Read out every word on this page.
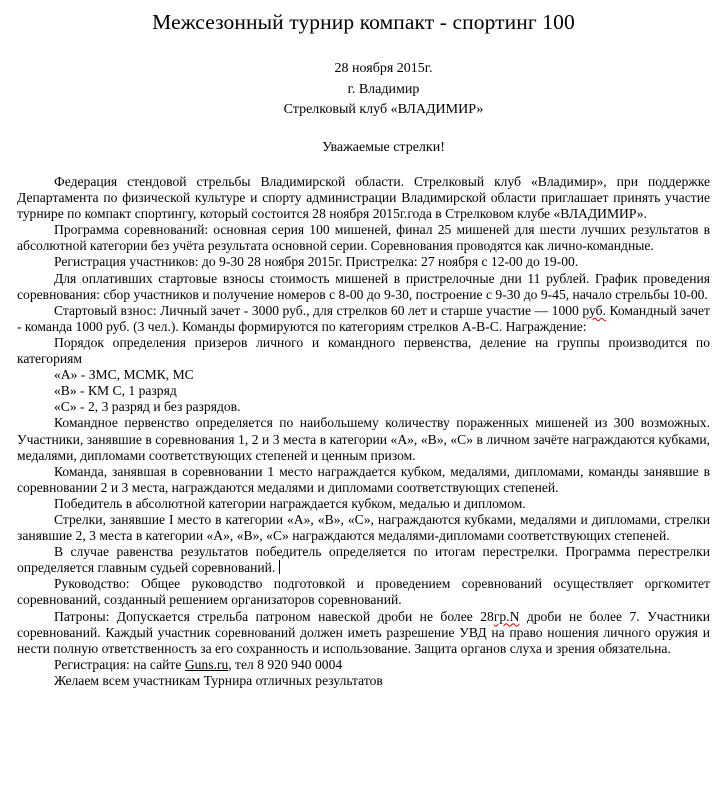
Межсезонный турнир компакт - спортинг 100
28 ноября 2015г.
г. Владимир
Стрелковый клуб «ВЛАДИМИР»
Уважаемые стрелки!

Федерация стендовой стрельбы Владимирской области. Стрелковый клуб «Владимир», при поддержке Департамента по физической культуре и спорту администрации Владимирской области приглашает принять участие турнире по компакт спортингу, который состоится 28 ноября 2015г.года в Стрелковом клубе «ВЛАДИМИР».

Программа соревнований: основная серия 100 мишеней, финал 25 мишеней для шести лучших результатов в абсолютной категории без учёта результата основной серии. Соревнования проводятся как лично-командные.

Регистрация участников: до 9-30 28 ноября 2015г. Пристрелка: 27 ноября с 12-00 до 19-00.

Для оплативших стартовые взносы стоимость мишеней в пристрелочные дни 11 рублей. График проведения соревнования: сбор участников и получение номеров с 8-00 до 9-30, построение с 9-30 до 9-45, начало стрельбы 10-00.

Стартовый взнос: Личный зачет - 3000 руб., для стрелков 60 лет и старше участие — 1000 руб. Командный зачет - команда 1000 руб. (3 чел.). Команды формируются по категориям стрелков А-В-С. Награждение:

Порядок определения призеров личного и командного первенства, деление на группы производится по категориям

«А» - ЗМС, МСМК, МС

«В» - КМ С, 1 разряд

«С» - 2, 3 разряд и без разрядов.

Командное первенство определяется по наибольшему количеству пораженных мишеней из 300 возможных. Участники, занявшие в соревнования 1, 2 и 3 места в категории «А», «В», «С» в личном зачёте награждаются кубками, медалями, дипломами соответствующих степеней и ценным призом.

Команда, занявшая в соревновании 1 место награждается кубком, медалями, дипломами, команды занявшие в соревновании 2 и 3 места, награждаются медалями и дипломами соответствующих степеней.

Победитель в абсолютной категории награждается кубком, медалью и дипломом.

Стрелки, занявшие I место в категории «А», «В», «С», награждаются кубками, медалями и дипломами, стрелки занявшие 2, 3 места в категории «А», «В», «С» награждаются медалями-дипломами соответствующих степеней.

В случае равенства результатов победитель определяется по итогам перестрелки. Программа перестрелки определяется главным судьей соревнований.

Руководство: Общее руководство подготовкой и проведением соревнований осуществляет оргкомитет соревнований, созданный решением организаторов соревнований.

Патроны: Допускается стрельба патроном навеской дроби не более 28гр.N дроби не более 7. Участники соревнований. Каждый участник соревнований должен иметь разрешение УВД на право ношения личного оружия и нести полную ответственность за его сохранность и использование. Защита органов слуха и зрения обязательна.

Регистрация: на сайте Guns.ru, тел 8 920 940 0004

Желаем всем участникам Турнира отличных результатов
